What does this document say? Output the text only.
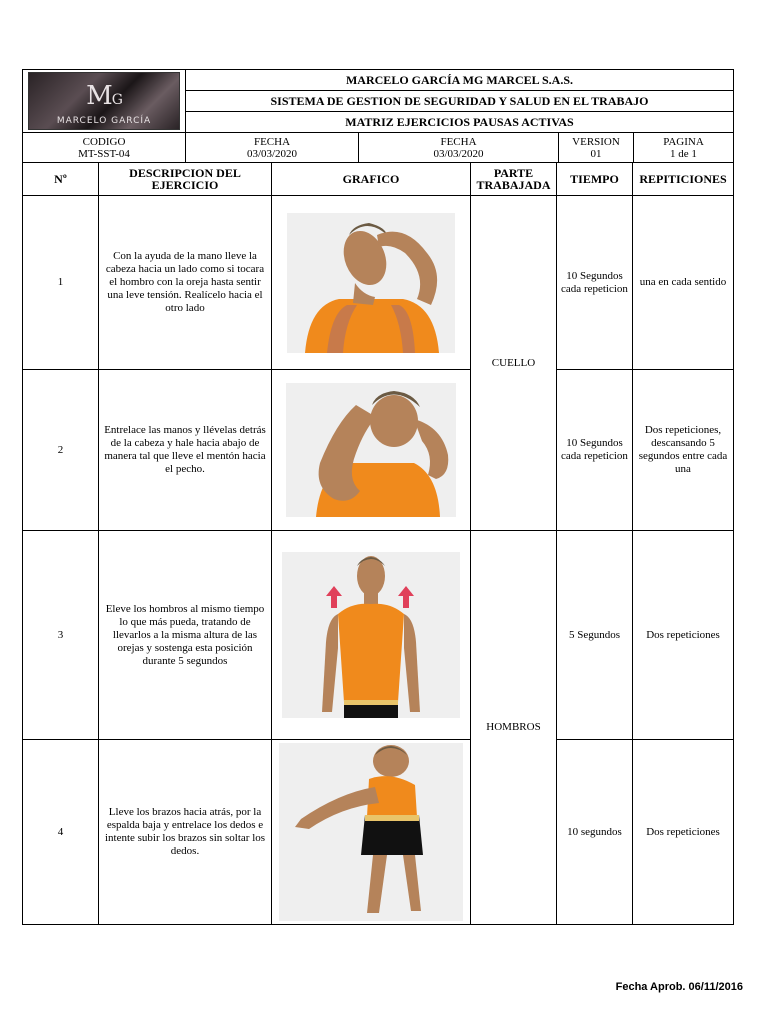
MG
MARCELO GARCÍA
	MARCELO GARCÍA MG MARCEL S.A.S.
SISTEMA DE GESTION DE SEGURIDAD Y SALUD EN EL TRABAJO
MATRIZ EJERCICIOS PAUSAS ACTIVAS
CODIGO
MT-SST-04

FECHA
03/03/2020

FECHA
03/03/2020

VERSION
01

PAGINA
1 de 1
Nº	DESCRIPCION DEL EJERCICIO	GRAFICO	PARTE TRABAJADA	TIEMPO	REPITICIONES
1	Con la ayuda de la mano lleve la cabeza hacia un lado como si tocara el hombro con la oreja hasta sentir una leve tensión. Realícelo hacia el otro lado		CUELLO	10 Segundos cada repeticion	una en cada sentido
2	Entrelace las manos y llévelas detrás de la cabeza y hale hacia abajo de manera tal que lleve el mentón hacia el pecho.			10 Segundos cada repeticion	Dos repeticiones, descansando 5 segundos entre cada una
3	Eleve los hombros al mismo tiempo lo que más pueda, tratando de llevarlos a la misma altura de las orejas y sostenga esta posición durante 5 segundos		HOMBROS	5 Segundos	Dos repeticiones
4	Lleve los brazos hacia atrás, por la espalda baja y entrelace los dedos e intente subir los brazos sin soltar los dedos.			10 segundos	Dos repeticiones
Fecha Aprob. 06/11/2016
